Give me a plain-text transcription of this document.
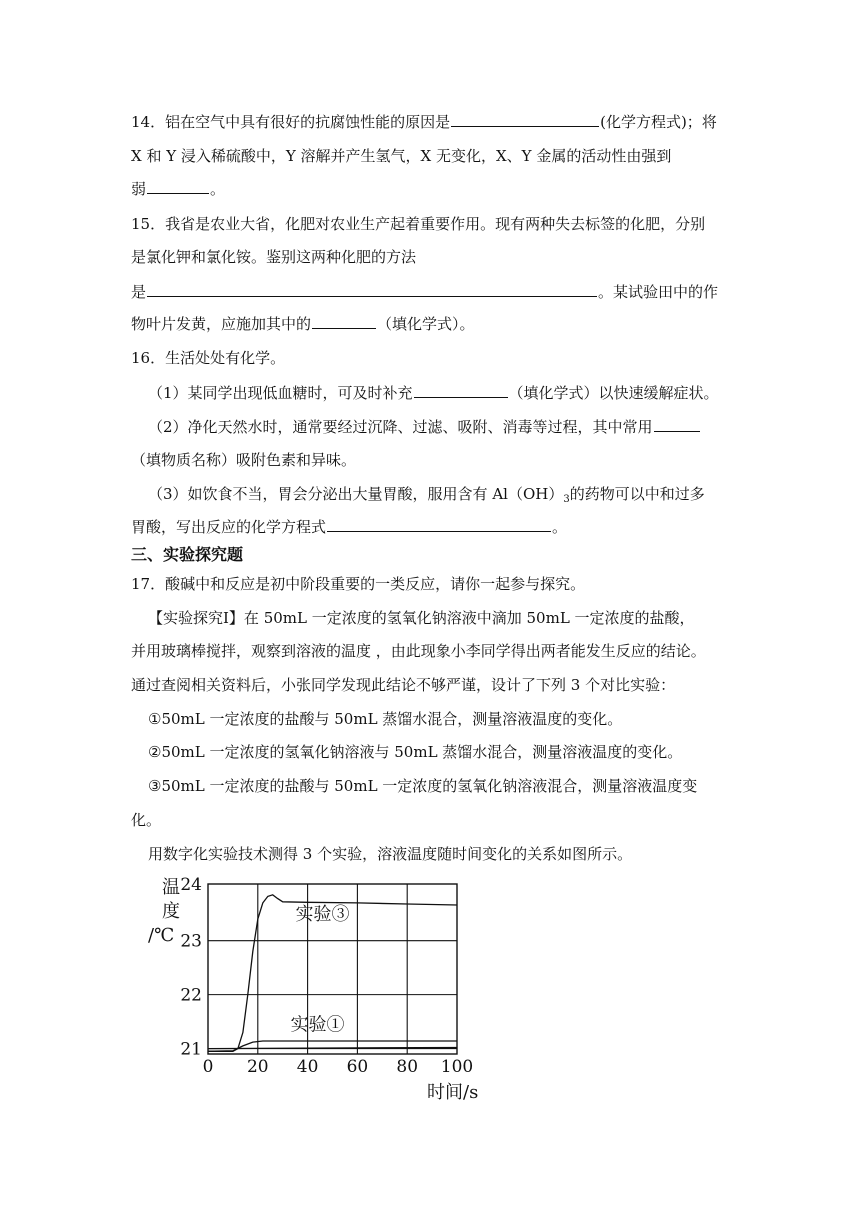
14．铝在空气中具有很好的抗腐蚀性能的原因是	(化学方程式)；将
X 和 Y 浸入稀硫酸中，Y 溶解并产生氢气，X 无变化，X、Y 金属的活动性由强到
弱	。
15．我省是农业大省，化肥对农业生产起着重要作用。现有两种失去标签的化肥，分别
是氯化钾和氯化铵。鉴别这两种化肥的方法
是	。某试验田中的作
物叶片发黄，应施加其中的	（填化学式）。
16．生活处处有化学。
（1）某同学出现低血糖时，可及时补充	（填化学式）以快速缓解症状。
（2）净化天然水时，通常要经过沉降、过滤、吸附、消毒等过程，其中常用
（填物质名称）吸附色素和异味。
（3）如饮食不当，胃会分泌出大量胃酸，服用含有 $Al(OH)_3$的药物可以中和过多
胃酸，写出反应的化学方程式	。
三、实验探究题
17．酸碱中和反应是初中阶段重要的一类反应，请你一起参与探究。
【实验探究Ⅰ】在 50mL 一定浓度的氢氧化钠溶液中滴加 50mL 一定浓度的盐酸，
并用玻璃棒搅拌，观察到溶液的温度 ，由此现象小李同学得出两者能发生反应的结论。
通过查阅相关资料后，小张同学发现此结论不够严谨，设计了下列 3 个对比实验：
①50mL 一定浓度的盐酸与 50mL 蒸馏水混合，测量溶液温度的变化。
②50mL 一定浓度的氢氧化钠溶液与 50mL 蒸馏水混合，测量溶液温度的变化。
③50mL 一定浓度的盐酸与 50mL 一定浓度的氢氧化钠溶液混合，测量溶液温度变
化。
用数字化实验技术测得 3 个实验，溶液温度随时间变化的关系如图所示。
0 20 40 60 80 100
21
22
23
24
温
度
/℃
时间/s
实验③
实验①
